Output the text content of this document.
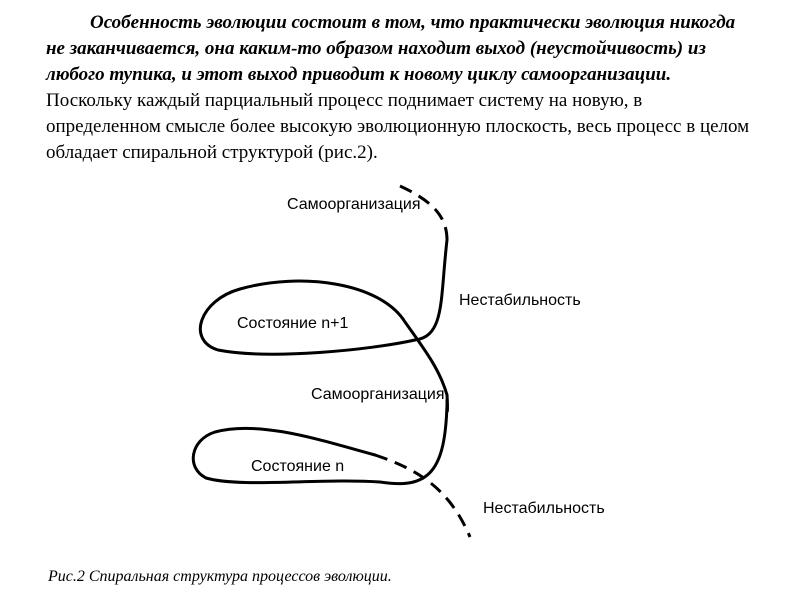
Особенность эволюции состоит в том, что практически эволюция никогда не заканчивается, она каким-то образом находит выход (неустойчивость) из любого тупика, и этот выход приводит к новому циклу самоорганизации. Поскольку каждый парциальный процесс поднимает систему на новую, в определенном смысле более высокую эволюционную плоскость, весь процесс в целом обладает спиральной структурой (рис.2).

Самоорганизация
Нестабильность
Состояние n+1
Самоорганизация
Состояние n
Нестабильность

Рис.2 Спиральная структура процессов эволюции.
